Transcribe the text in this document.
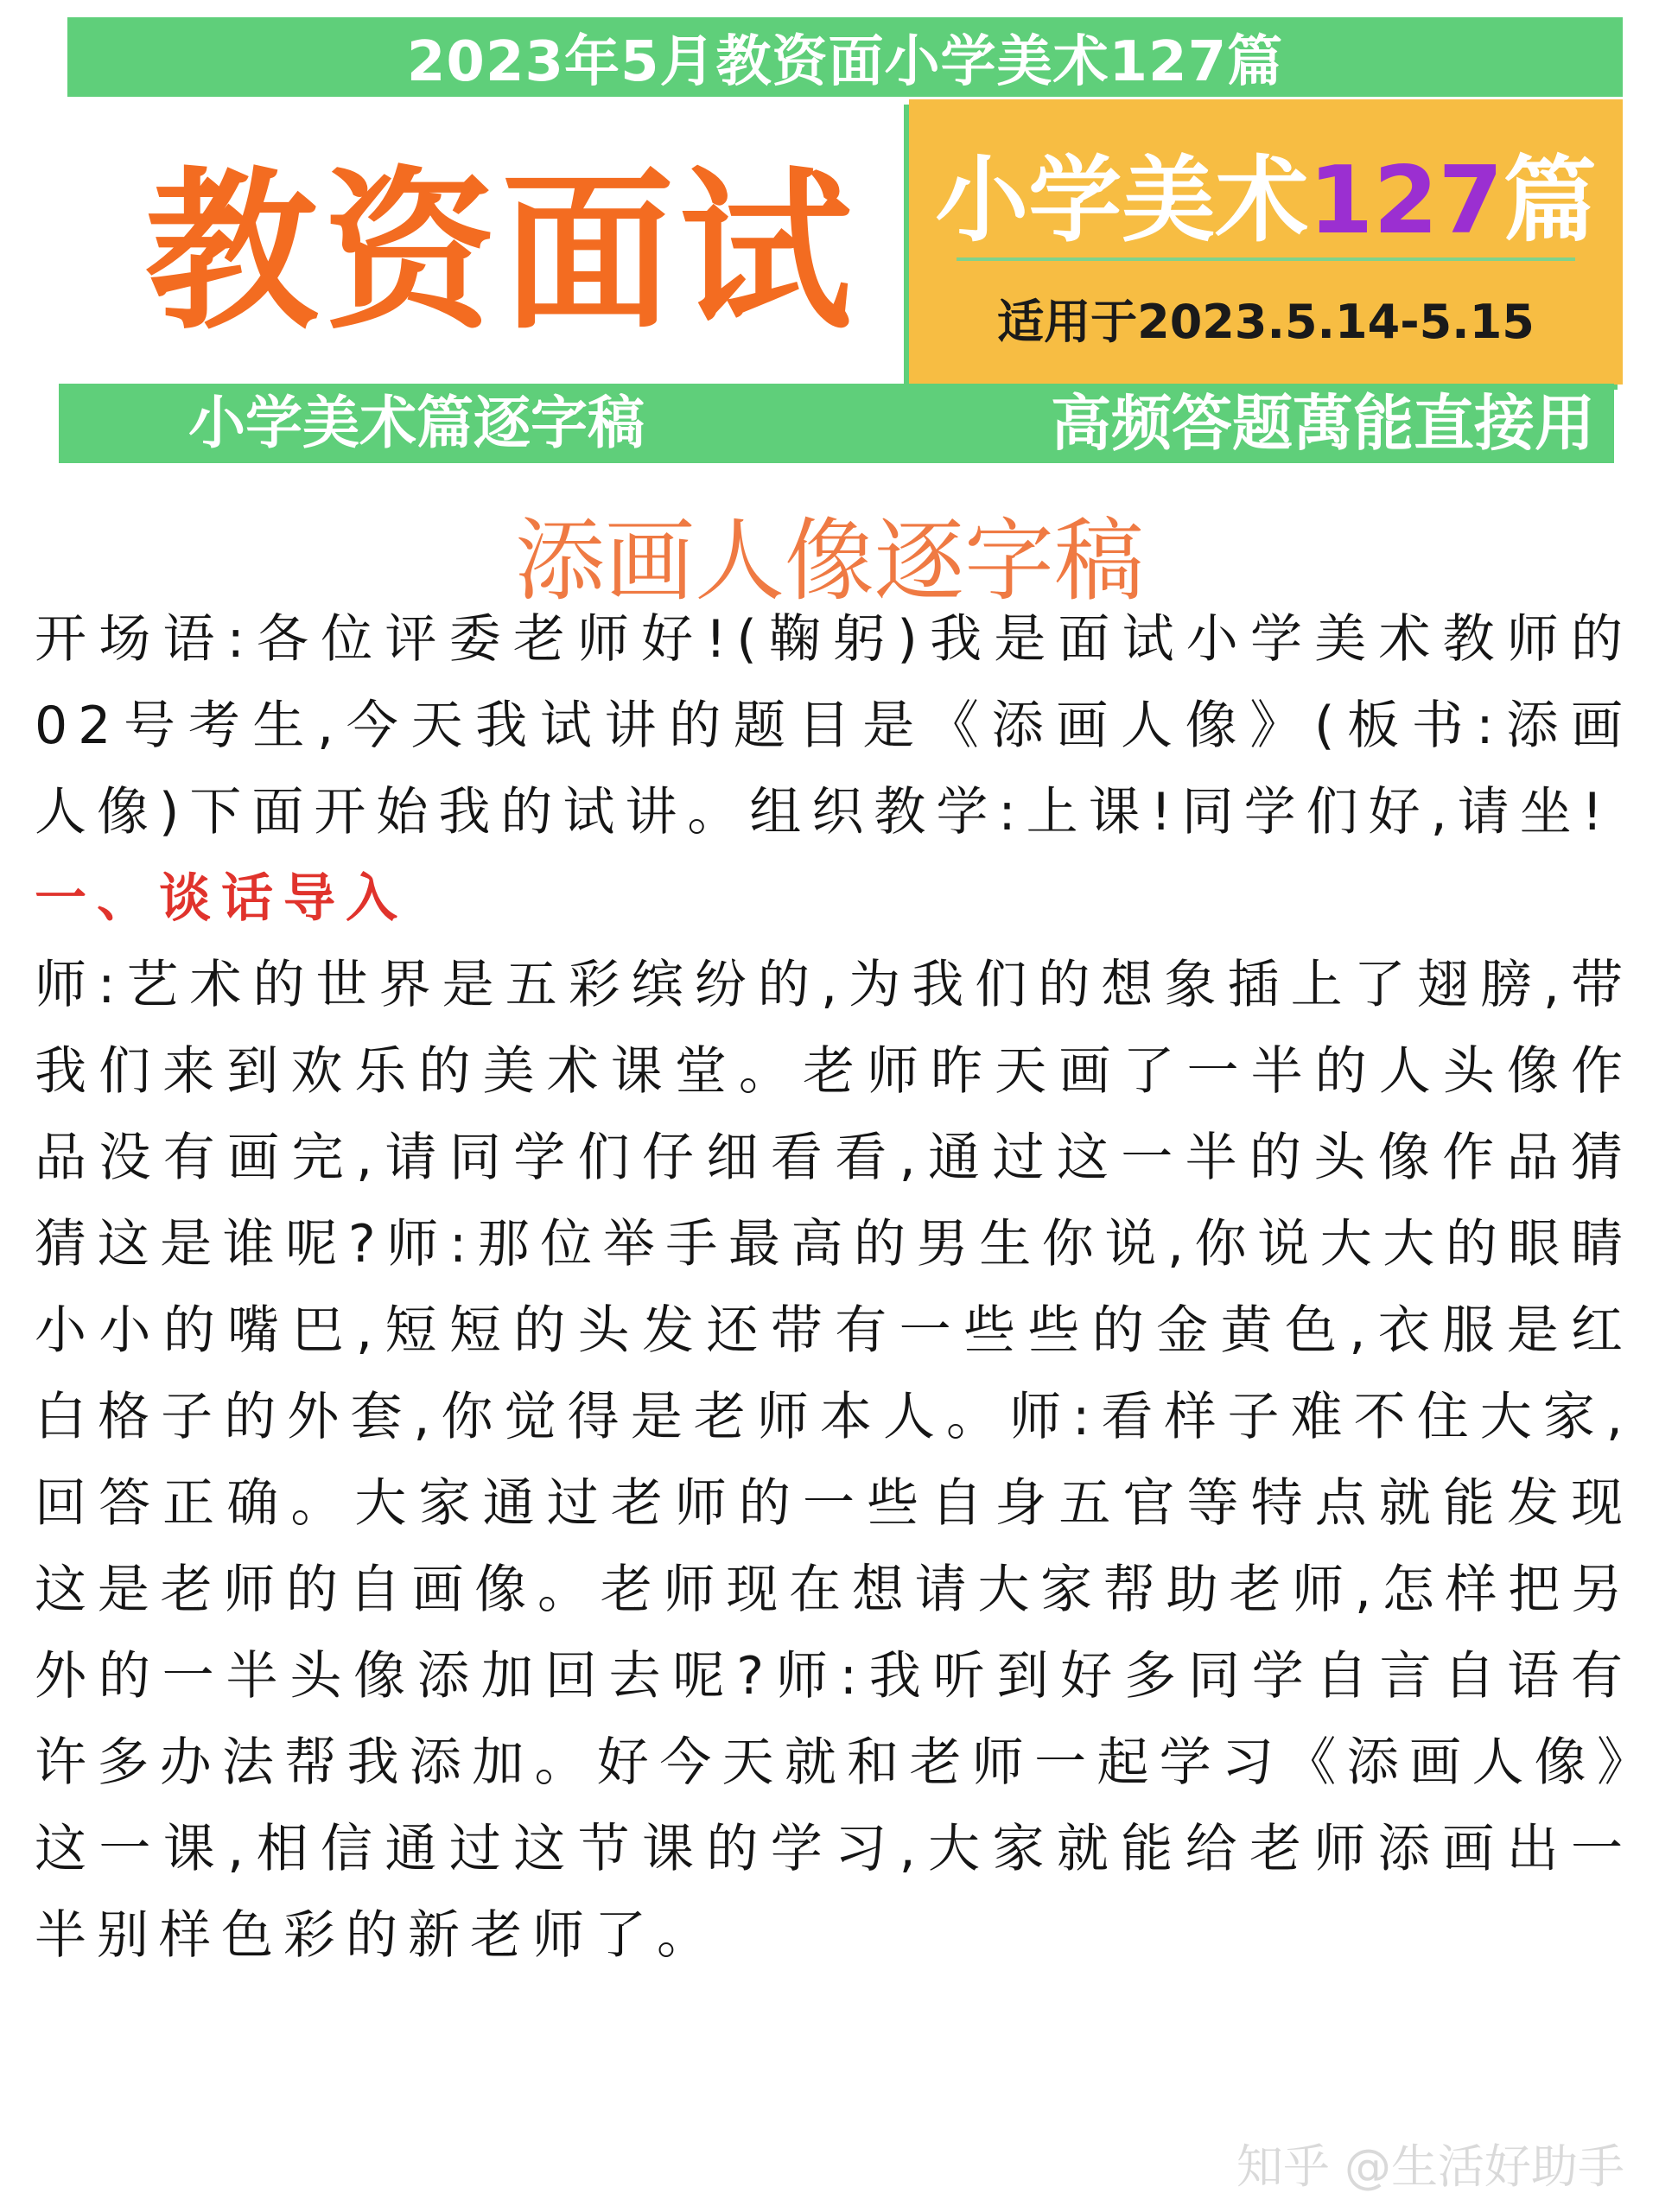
2023年5月教资面小学美术127篇
教资面试 小学美术127篇
适用于2023.5.14-5.15
小学美术篇逐字稿	高频答题萬能直接用
添画人像逐字稿

开场语:各位评委老师好!(鞠躬)我是面试小学美术教师的02号考生,今天我试讲的题目是《添画人像》(板书:添画人像)下面开始我的试讲。组织教学:上课!同学们好,请坐!

一、谈话导入

师:艺术的世界是五彩缤纷的,为我们的想象插上了翅膀,带我们来到欢乐的美术课堂。老师昨天画了一半的人头像作品没有画完,请同学们仔细看看,通过这一半的头像作品猜猜这是谁呢?师:那位举手最高的男生你说,你说大大的眼睛小小的嘴巴,短短的头发还带有一些些的金黄色,衣服是红白格子的外套,你觉得是老师本人。师:看样子难不住大家,回答正确。大家通过老师的一些自身五官等特点就能发现这是老师的自画像。老师现在想请大家帮助老师,怎样把另外的一半头像添加回去呢?师:我听到好多同学自言自语有许多办法帮我添加。好今天就和老师一起学习《添画人像》这一课,相信通过这节课的学习,大家就能给老师添画出一半别样色彩的新老师了。

知乎 @生活好助手
